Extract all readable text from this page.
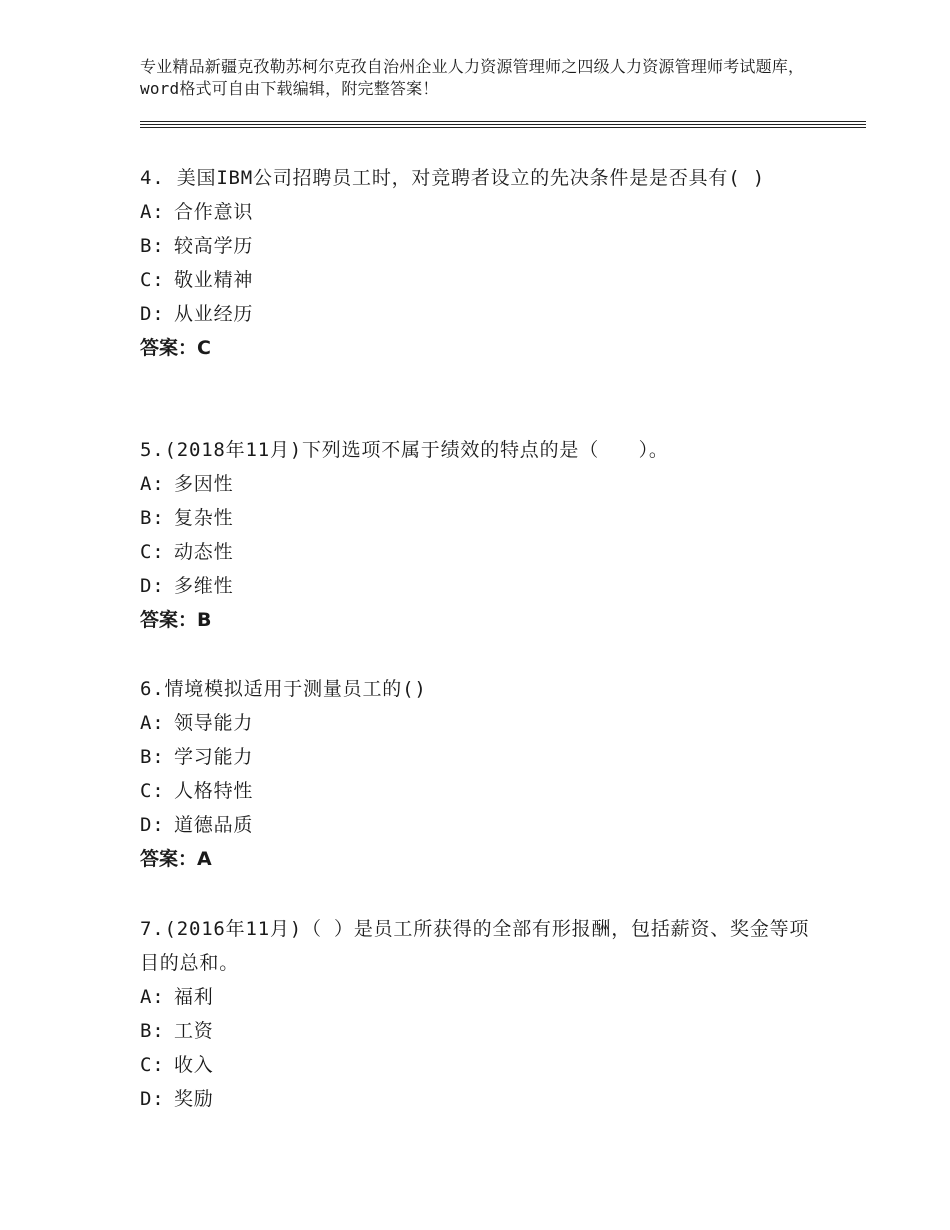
专业精品新疆克孜勒苏柯尔克孜自治州企业人力资源管理师之四级人力资源管理师考试题库，word格式可自由下载编辑，附完整答案！

4. 美国IBM公司招聘员工时，对竞聘者设立的先决条件是是否具有( )

A: 合作意识

B: 较高学历

C: 敬业精神

D: 从业经历

答案：C

5.(2018年11月)下列选项不属于绩效的特点的是（　　）。

A: 多因性

B: 复杂性

C: 动态性

D: 多维性

答案：B

6.情境模拟适用于测量员工的()

A: 领导能力

B: 学习能力

C: 人格特性

D: 道德品质

答案：A

7.(2016年11月)（ ）是员工所获得的全部有形报酬，包括薪资、奖金等项目的总和。

A: 福利

B: 工资

C: 收入

D: 奖励
